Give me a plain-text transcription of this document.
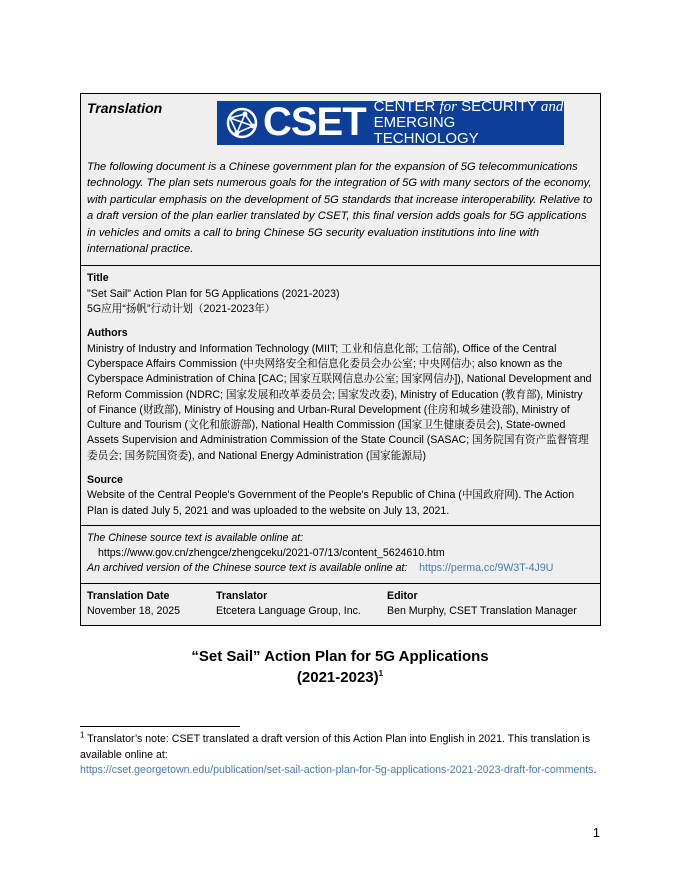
Translation	CSET CENTER for SECURITY and
EMERGING TECHNOLOGY
The following document is a Chinese government plan for the expansion of 5G telecommunications technology. The plan sets numerous goals for the integration of 5G with many sectors of the economy, with particular emphasis on the development of 5G standards that increase interoperability. Relative to a draft version of the plan earlier translated by CSET, this final version adds goals for 5G applications in vehicles and omits a call to bring Chinese 5G security evaluation institutions into line with international practice.
Title
"Set Sail" Action Plan for 5G Applications (2021-2023)
5G应用“扬帆”行动计划（2021-2023年）
Authors
Ministry of Industry and Information Technology (MIIT; 工业和信息化部; 工信部), Office of the Central Cyberspace Affairs Commission (中央网络安全和信息化委员会办公室; 中央网信办; also known as the Cyberspace Administration of China [CAC; 国家互联网信息办公室; 国家网信办]), National Development and Reform Commission (NDRC; 国家发展和改革委员会; 国家发改委), Ministry of Education (教育部), Ministry of Finance (财政部), Ministry of Housing and Urban-Rural Development (住房和城乡建设部), Ministry of Culture and Tourism (文化和旅游部), National Health Commission (国家卫生健康委员会), State-owned Assets Supervision and Administration Commission of the State Council (SASAC; 国务院国有资产监督管理委员会; 国务院国资委), and National Energy Administration (国家能源局)
Source
Website of the Central People's Government of the People's Republic of China (中国政府网). The Action Plan is dated July 5, 2021 and was uploaded to the website on July 13, 2021.
The Chinese source text is available online at:
https://www.gov.cn/zhengce/zhengceku/2021-07/13/content_5624610.htm
An archived version of the Chinese source text is available online at: https://perma.cc/9W3T-4J9U
Translation Date
November 18, 2025
Translator
Etcetera Language Group, Inc.
Editor
Ben Murphy, CSET Translation Manager
“Set Sail” Action Plan for 5G Applications
(2021-2023)$^1$
$^1$ Translator’s note: CSET translated a draft version of this Action Plan into English in 2021. This translation is available online at:
https://cset.georgetown.edu/publication/set-sail-action-plan-for-5g-applications-2021-2023-draft-for-comments.
1
